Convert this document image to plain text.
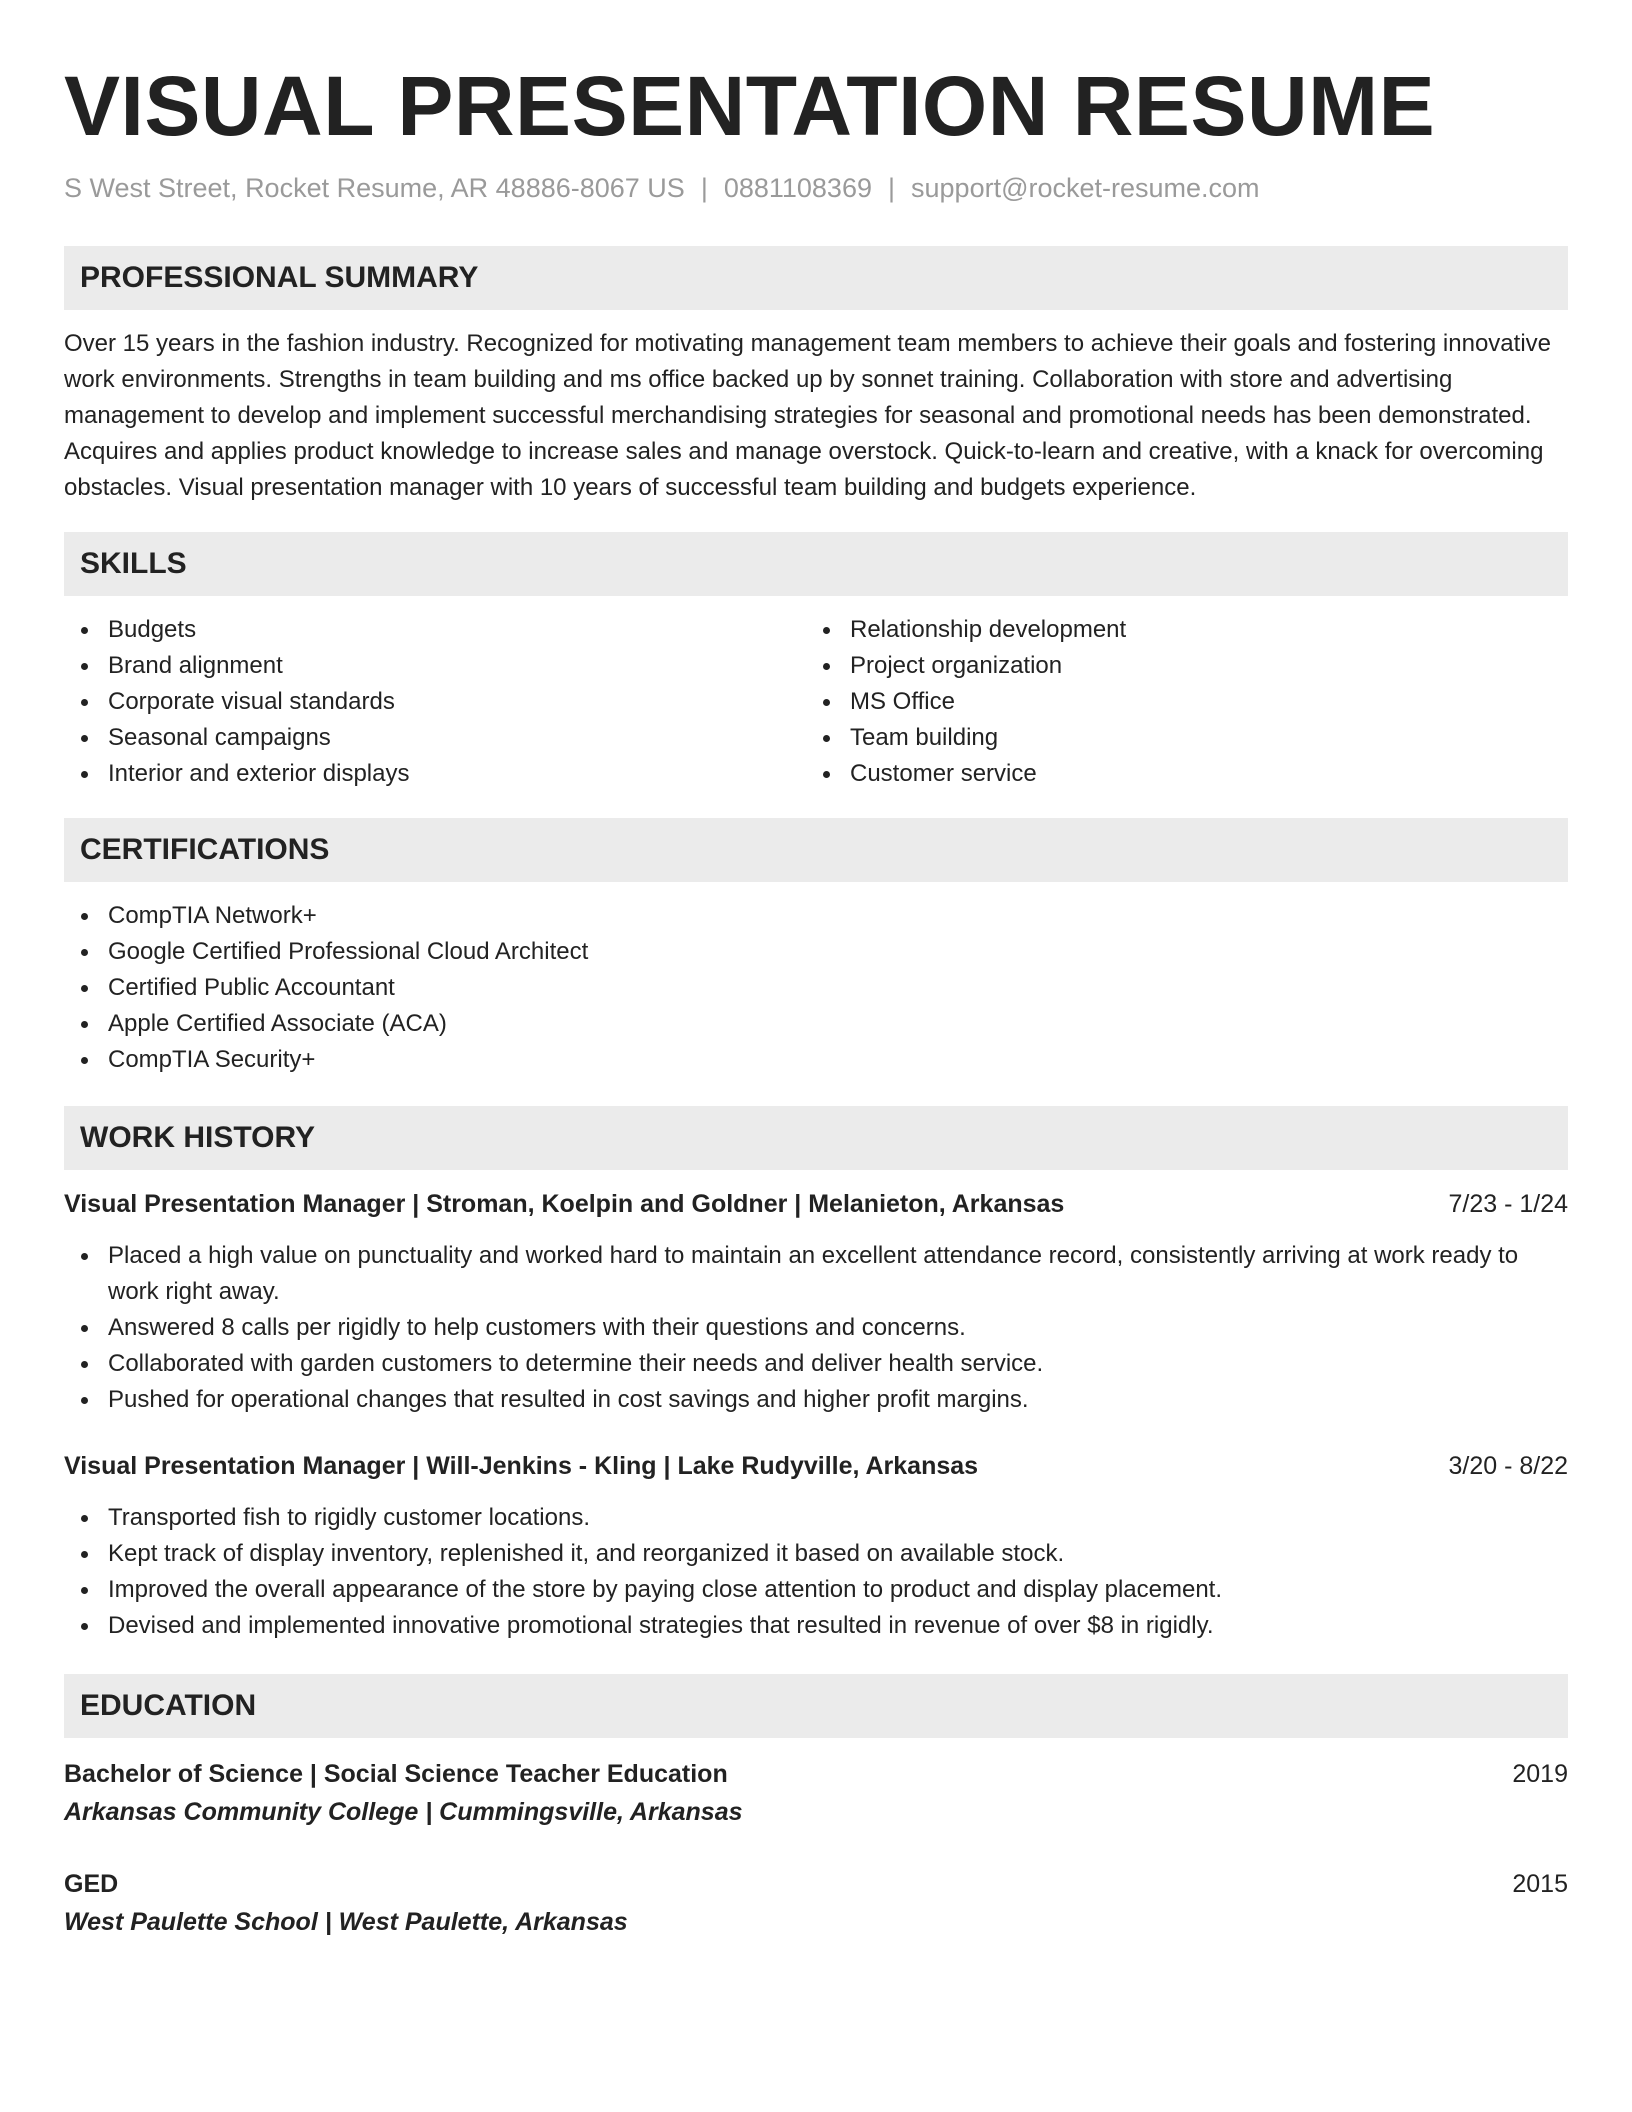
VISUAL PRESENTATION RESUME
S West Street, Rocket Resume, AR 48886-8067 US | 0881108369 | support@rocket-resume.com
PROFESSIONAL SUMMARY

Over 15 years in the fashion industry. Recognized for motivating management team members to achieve their goals and fostering innovative work environments. Strengths in team building and ms office backed up by sonnet training. Collaboration with store and advertising management to develop and implement successful merchandising strategies for seasonal and promotional needs has been demonstrated. Acquires and applies product knowledge to increase sales and manage overstock. Quick-to-learn and creative, with a knack for overcoming obstacles. Visual presentation manager with 10 years of successful team building and budgets experience.

SKILLS
Budgets
Brand alignment
Corporate visual standards
Seasonal campaigns
Interior and exterior displays
Relationship development
Project organization
MS Office
Team building
Customer service
CERTIFICATIONS
CompTIA Network+
Google Certified Professional Cloud Architect
Certified Public Accountant
Apple Certified Associate (ACA)
CompTIA Security+
WORK HISTORY
Visual Presentation Manager | Stroman, Koelpin and Goldner | Melanieton, Arkansas	7/23 - 1/24
Placed a high value on punctuality and worked hard to maintain an excellent attendance record, consistently arriving at work ready to work right away.
Answered 8 calls per rigidly to help customers with their questions and concerns.
Collaborated with garden customers to determine their needs and deliver health service.
Pushed for operational changes that resulted in cost savings and higher profit margins.
Visual Presentation Manager | Will-Jenkins - Kling | Lake Rudyville, Arkansas	3/20 - 8/22
Transported fish to rigidly customer locations.
Kept track of display inventory, replenished it, and reorganized it based on available stock.
Improved the overall appearance of the store by paying close attention to product and display placement.
Devised and implemented innovative promotional strategies that resulted in revenue of over $8 in rigidly.
EDUCATION
Bachelor of Science | Social Science Teacher Education	2019
Arkansas Community College | Cummingsville, Arkansas
GED	2015
West Paulette School | West Paulette, Arkansas
